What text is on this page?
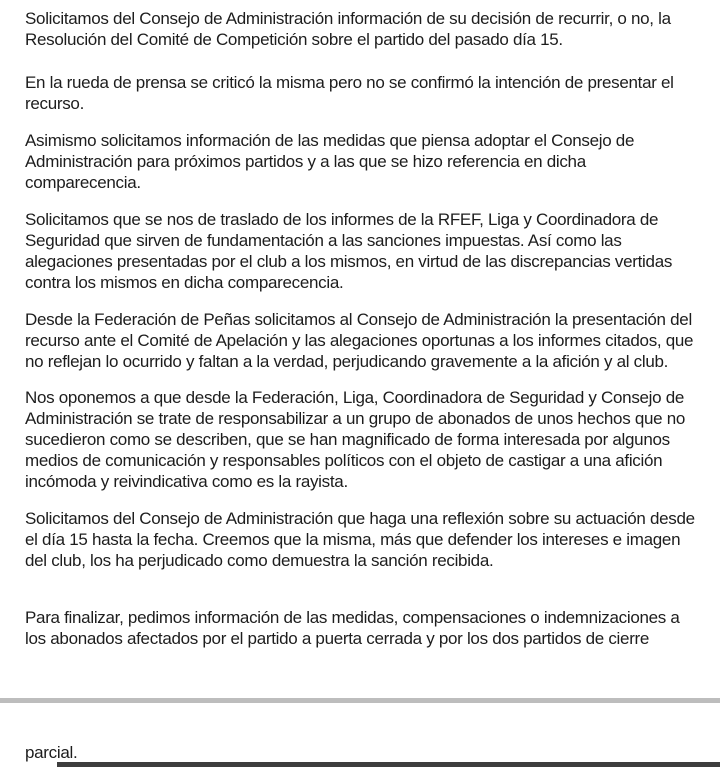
Solicitamos del Consejo de Administración información de su decisión de recurrir, o no, la Resolución del Comité de Competición sobre el partido del pasado día 15.

En la rueda de prensa se criticó la misma pero no se confirmó la intención de presentar el recurso.

Asimismo solicitamos información de las medidas que piensa adoptar el Consejo de Administración para próximos partidos y a las que se hizo referencia en dicha comparecencia.

Solicitamos que se nos de traslado de los informes de la RFEF, Liga y Coordinadora de Seguridad que sirven de fundamentación a las sanciones impuestas. Así como las alegaciones presentadas por el club a los mismos, en virtud de las discrepancias vertidas contra los mismos en dicha comparecencia.

Desde la Federación de Peñas solicitamos al Consejo de Administración la presentación del recurso ante el Comité de Apelación y las alegaciones oportunas a los informes citados, que no reflejan lo ocurrido y faltan a la verdad, perjudicando gravemente a la afición y al club.

Nos oponemos a que desde la Federación, Liga, Coordinadora de Seguridad y Consejo de Administración se trate de responsabilizar a un grupo de abonados de unos hechos que no sucedieron como se describen, que se han magnificado de forma interesada por algunos medios de comunicación y responsables políticos con el objeto de castigar a una afición incómoda y reivindicativa como es la rayista.

Solicitamos del Consejo de Administración que haga una reflexión sobre su actuación desde el día 15 hasta la fecha. Creemos que la misma, más que defender los intereses e imagen del club, los ha perjudicado como demuestra la sanción recibida.

Para finalizar, pedimos información de las medidas, compensaciones o indemnizaciones a los abonados afectados por el partido a puerta cerrada y por los dos partidos de cierre

parcial.
